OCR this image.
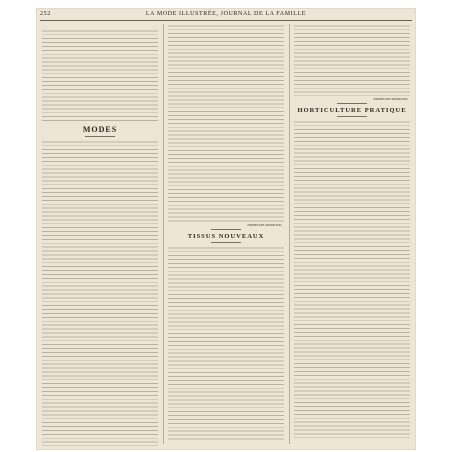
252	LA MODE ILLUSTRÉE, JOURNAL DE LA FAMILLE

MODES
EMMELINE RAYMOND.
TISSUS NOUVEAUX
EMMELINE RAYMOND.
HORTICULTURE PRATIQUE
